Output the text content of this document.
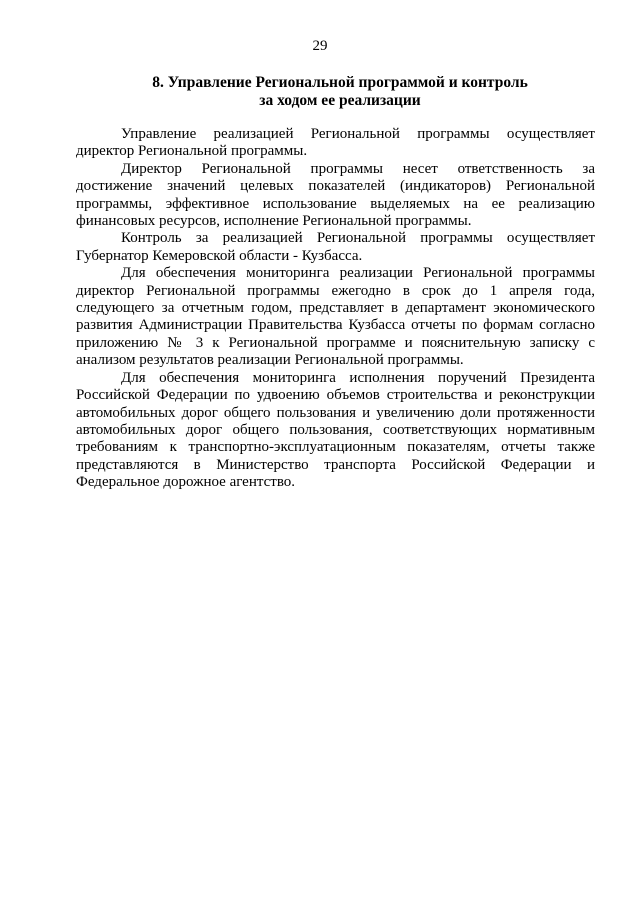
29
8. Управление Региональной программой и контроль
за ходом ее реализации

Управление реализацией Региональной программы осуществляет директор Региональной программы.

Директор Региональной программы несет ответственность за достижение значений целевых показателей (индикаторов) Региональной программы, эффективное использование выделяемых на ее реализацию финансовых ресурсов, исполнение Региональной программы.

Контроль за реализацией Региональной программы осуществляет Губернатор Кемеровской области - Кузбасса.

Для обеспечения мониторинга реализации Региональной программы директор Региональной программы ежегодно в срок до 1 апреля года, следующего за отчетным годом, представляет в департамент экономического развития Администрации Правительства Кузбасса отчеты по формам согласно приложению № 3 к Региональной программе и пояснительную записку с анализом результатов реализации Региональной программы.

Для обеспечения мониторинга исполнения поручений Президента Российской Федерации по удвоению объемов строительства и реконструкции автомобильных дорог общего пользования и увеличению доли протяженности автомобильных дорог общего пользования, соответствующих нормативным требованиям к транспортно-эксплуатационным показателям, отчеты также представляются в Министерство транспорта Российской Федерации и Федеральное дорожное агентство.
